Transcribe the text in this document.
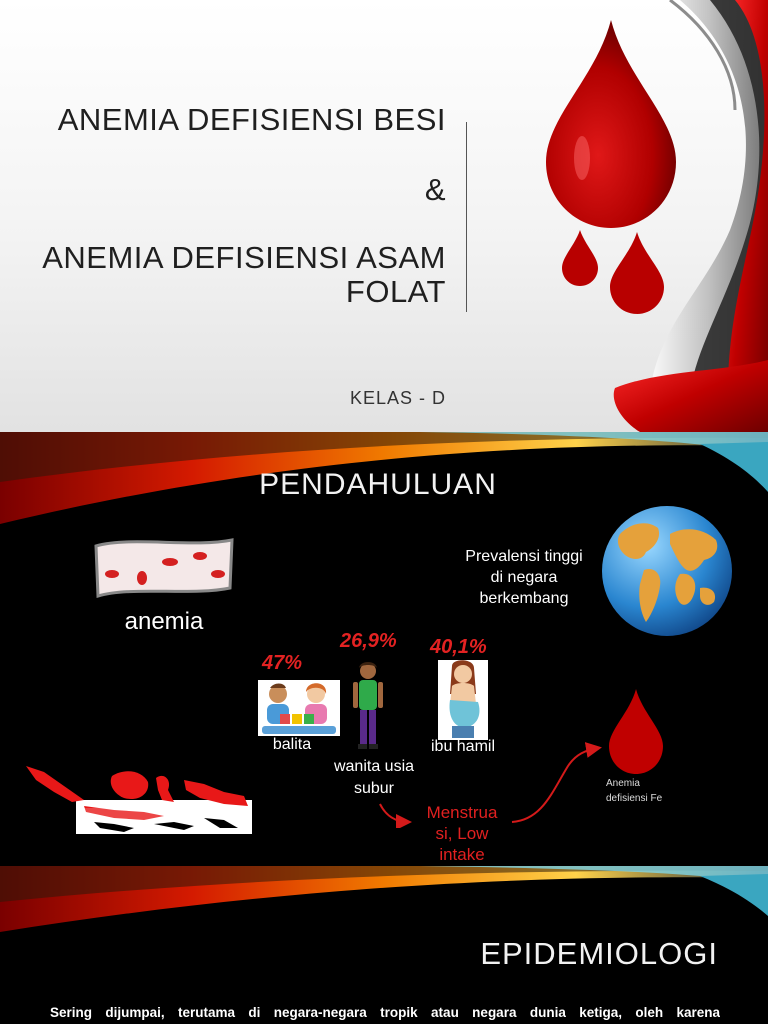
ANEMIA DEFISIENSI BESI
&
ANEMIA DEFISIENSI ASAM
FOLAT
KELAS - D
PENDAHULUAN
anemia
Prevalensi tinggi
di negara
berkembang
47%
26,9% 40,1%
balita
wanita usia
subur
ibu hamil
Menstrua
si, Low
intake
Anemia
defisiensi Fe
EPIDEMIOLOGI
Sering dijumpai, terutama di negara-negara tropik atau negara dunia ketiga, oleh karena
